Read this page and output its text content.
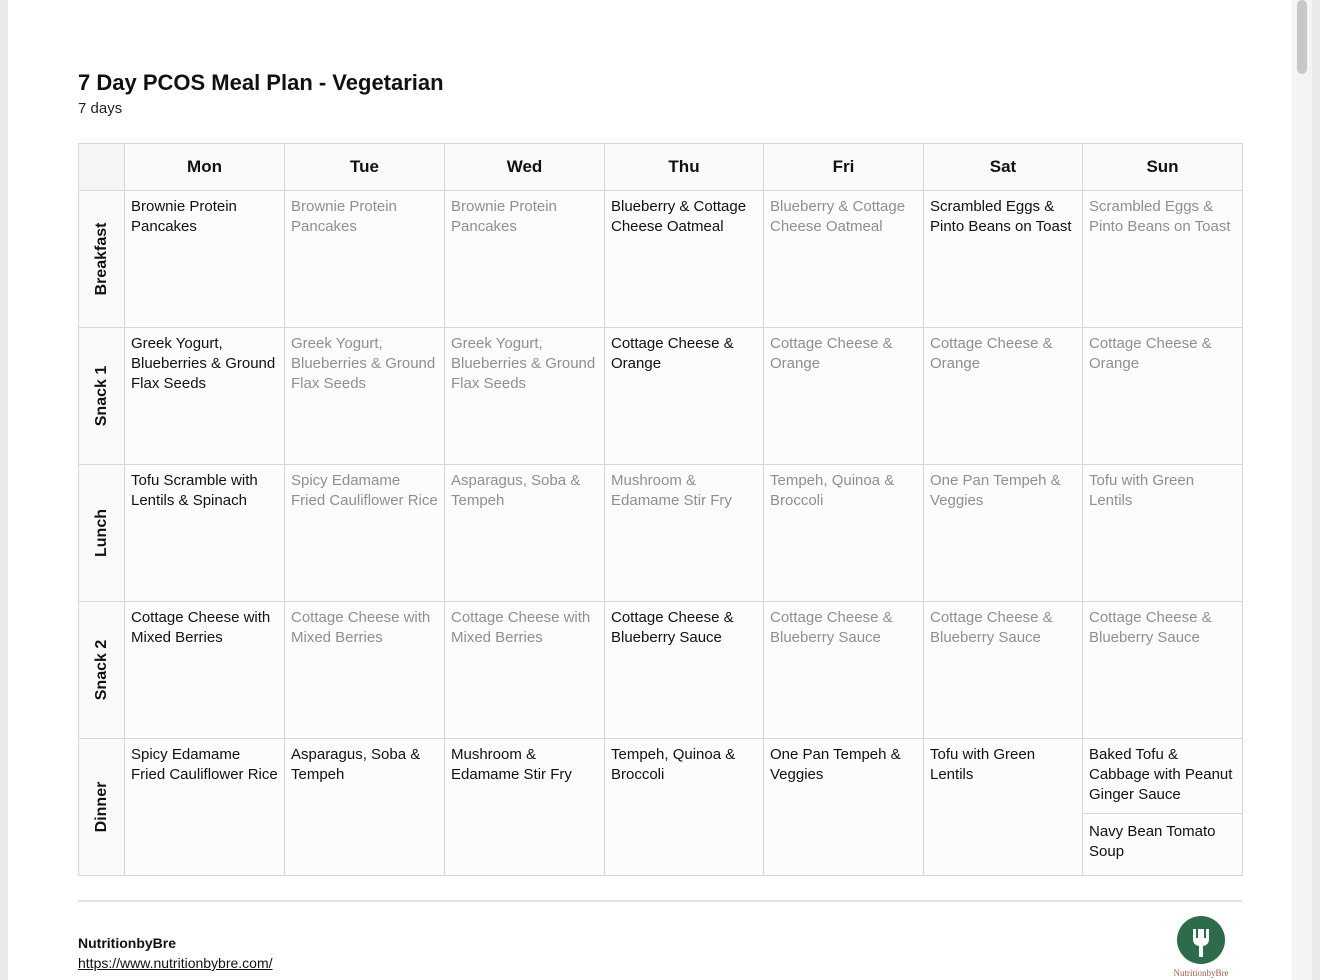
7 Day PCOS Meal Plan - Vegetarian
7 days
	Mon	Tue	Wed	Thu	Fri	Sat	Sun

Breakfast	Brownie Protein Pancakes	Brownie Protein Pancakes	Brownie Protein Pancakes	Blueberry & Cottage Cheese Oatmeal	Blueberry & Cottage Cheese Oatmeal	Scrambled Eggs & Pinto Beans on Toast	Scrambled Eggs & Pinto Beans on Toast

Snack 1	Greek Yogurt, Blueberries & Ground Flax Seeds	Greek Yogurt, Blueberries & Ground Flax Seeds	Greek Yogurt, Blueberries & Ground Flax Seeds	Cottage Cheese & Orange	Cottage Cheese & Orange	Cottage Cheese & Orange	Cottage Cheese & Orange

Lunch	Tofu Scramble with Lentils & Spinach	Spicy Edamame Fried Cauliflower Rice	Asparagus, Soba & Tempeh	Mushroom & Edamame Stir Fry	Tempeh, Quinoa & Broccoli	One Pan Tempeh & Veggies	Tofu with Green Lentils

Snack 2	Cottage Cheese with Mixed Berries	Cottage Cheese with Mixed Berries	Cottage Cheese with Mixed Berries	Cottage Cheese & Blueberry Sauce	Cottage Cheese & Blueberry Sauce	Cottage Cheese & Blueberry Sauce	Cottage Cheese & Blueberry Sauce

Dinner	Spicy Edamame Fried Cauliflower Rice	Asparagus, Soba & Tempeh	Mushroom & Edamame Stir Fry	Tempeh, Quinoa & Broccoli	One Pan Tempeh & Veggies	Tofu with Green Lentils	Baked Tofu & Cabbage with Peanut Ginger Sauce
Navy Bean Tomato Soup
NutritionbyBre
https://www.nutritionbybre.com/
NutritionbyBre
